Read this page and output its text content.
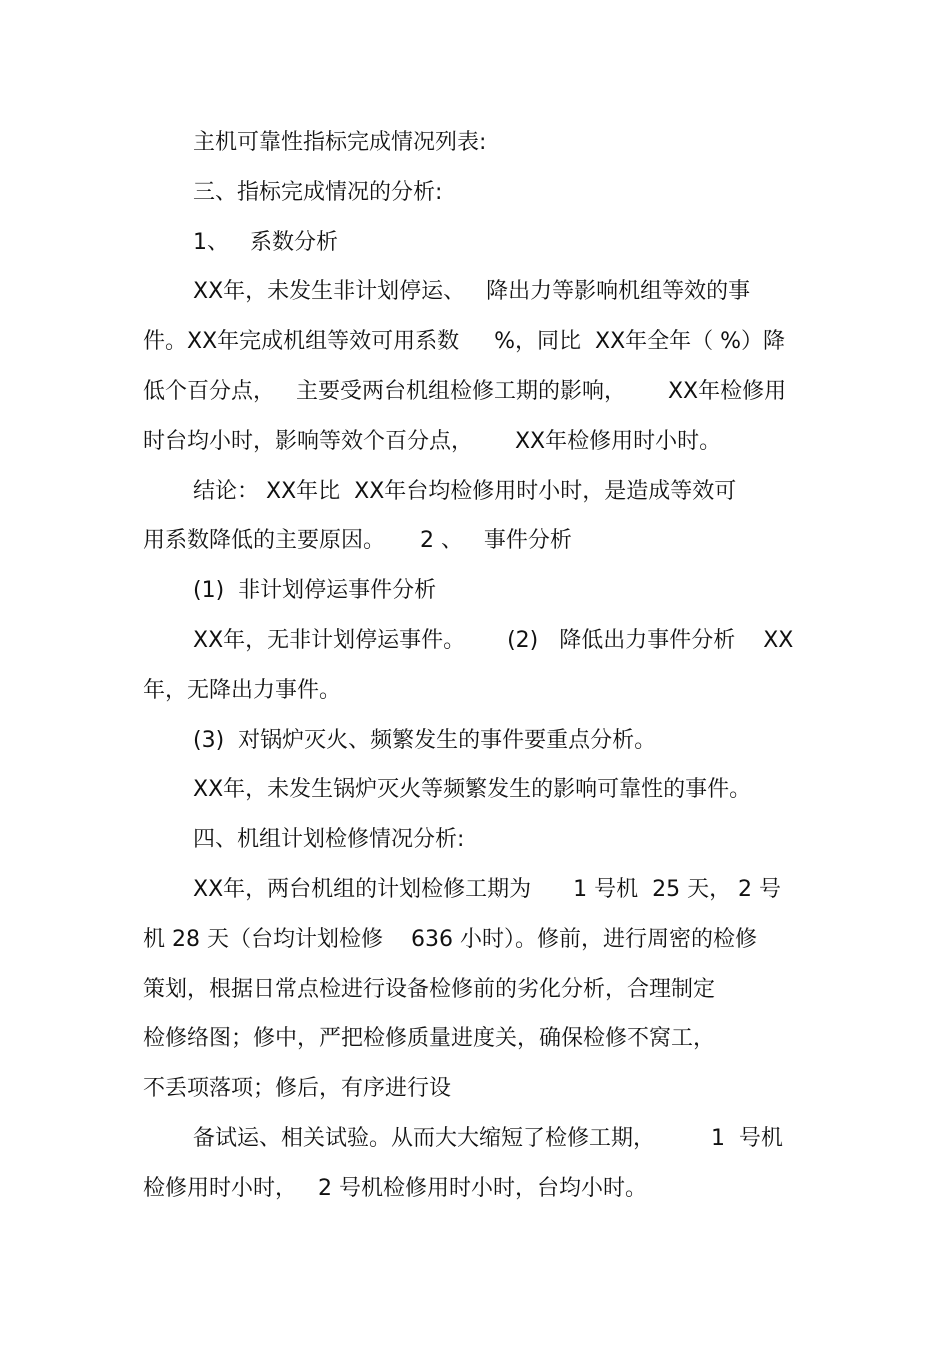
主机可靠性指标完成情况列表:

三、指标完成情况的分析:

1、   系数分析

XX年，未发生非计划停运、   降出力等影响机组等效的事

件。XX年完成机组等效可用系数     %，同比  XX年全年（ %）降

低个百分点，   主要受两台机组检修工期的影响，      XX年检修用

时台均小时，影响等效个百分点，      XX年检修用时小时。

结论： XX年比  XX年台均检修用时小时，是造成等效可

用系数降低的主要原因。     2 、   事件分析

(1)  非计划停运事件分析

XX年，无非计划停运事件。      (2)   降低出力事件分析    XX

年，无降出力事件。

(3)  对锅炉灭火、频繁发生的事件要重点分析。

XX年，未发生锅炉灭火等频繁发生的影响可靠性的事件。

四、机组计划检修情况分析:

XX年，两台机组的计划检修工期为      1 号机  25 天， 2 号

机 28 天（台均计划检修    636 小时）。修前，进行周密的检修

策划，根据日常点检进行设备检修前的劣化分析，合理制定

检修络图；修中，严把检修质量进度关，确保检修不窝工，

不丢项落项；修后，有序进行设

备试运、相关试验。从而大大缩短了检修工期，        1  号机

检修用时小时，   2 号机检修用时小时，台均小时。
